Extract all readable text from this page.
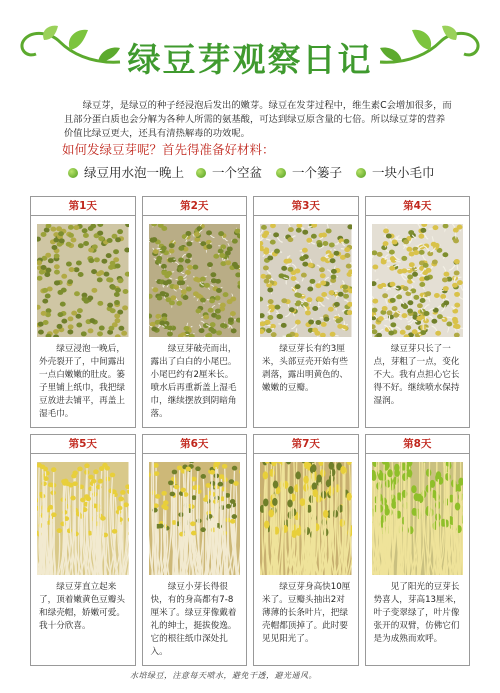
绿豆芽观察日记
绿豆芽，是绿豆的种子经浸泡后发出的嫩芽。绿豆在发芽过程中，维生素C会增加很多，而且部分蛋白质也会分解为各种人所需的氨基酸，可达到绿豆原含量的七倍。所以绿豆芽的营养价值比绿豆更大，还具有清热解毒的功效呢。
如何发绿豆芽呢？首先得准备好材料：
绿豆用水泡一晚上	一个空盆	一个篓子	一块小毛巾
第1天
绿豆浸泡一晚后，外壳裂开了，中间露出一点白嫩嫩的肚皮。篓子里铺上纸巾，我把绿豆放进去铺平，再盖上湿毛巾。
第2天
绿豆芽破壳而出，露出了白白的小尾巴。小尾巴约有2厘米长。喷水后再重新盖上湿毛巾，继续摆放到阴暗角落。
第3天
绿豆芽长有约3厘米，头部豆壳开始有些剥落，露出明黄色的、嫩嫩的豆瓣。
第4天
绿豆芽只长了一点，芽粗了一点，变化不大。我有点担心它长得不好。继续喷水保持湿润。
第5天
绿豆芽直立起来了，顶着嫩黄色豆瓣头和绿壳帽，娇嫩可爱。我十分欣喜。
第6天
绿豆小芽长得很快，有的身高都有7-8厘米了。绿豆芽像戴着礼的绅士，挺拔俊逸。它的根往纸巾深处扎入。
第7天
绿豆芽身高快10厘米了。豆瓣头抽出2对薄薄的长条叶片，把绿壳帽都顶掉了。此时要见见阳光了。
第8天
见了阳光的豆芽长势喜人，芽高13厘米，叶子变翠绿了，叶片像张开的双臂，仿佛它们是为成熟而欢呼。
水培绿豆，注意每天喷水，避免干透，避光通风。
